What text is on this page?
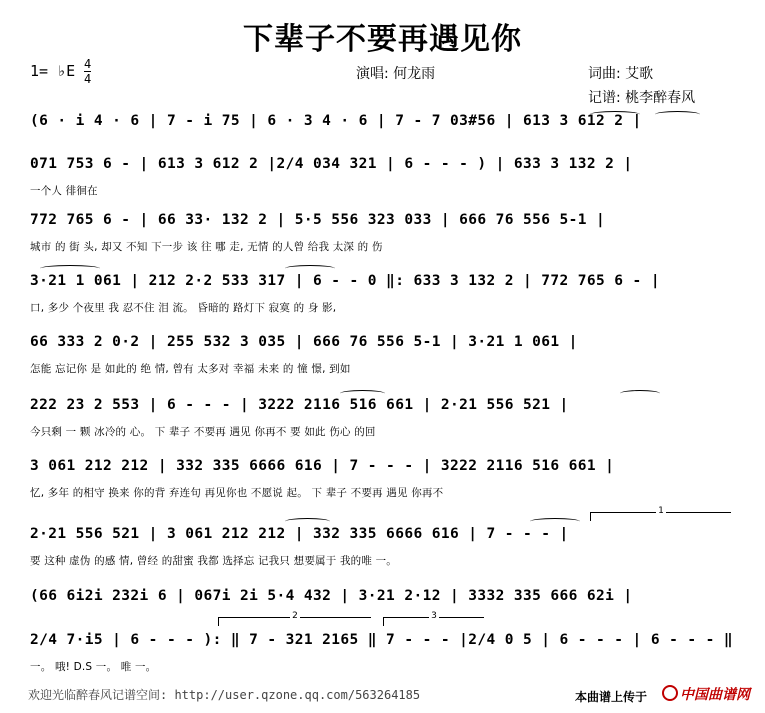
下辈子不要再遇见你
1= ♭E 4
4	演唱: 何龙雨	词曲: 艾歌
记谱: 桃李醉春风
(6 · i 4 · 6 | 7 - i 75 | 6 · 3 4 · 6 | 7 - 7 03#56 | 613 3 612 2 |
071 753 6 - | 613 3 612 2 |2/4 034 321 | 6 - - - ) | 633 3 132 2 |
一个人 徘徊在
772 765 6 - | 66 33· 132 2 | 5·5 556 323 033 | 666 76 556 5-1 |
城市 的 街 头, 却又 不知 下一步 该 往 哪 走, 无情 的人曾 给我 太深 的 伤
3·21 1 061 | 212 2·2 533 317 | 6 - - 0 ‖: 633 3 132 2 | 772 765 6 - |
口, 多少 个夜里 我 忍不住 泪 流。 昏暗的 路灯下 寂寞 的 身 影,
66 333 2 0·2 | 255 532 3 035 | 666 76 556 5-1 | 3·21 1 061 |
怎能 忘记你 是 如此的 绝 情, 曾有 太多对 幸福 未来 的 憧 憬, 到如
222 23 2 553 | 6 - - - | 3222 2116 516 661 | 2·21 556 521 |
今只剩 一 颗 冰冷的 心。 下 辈子 不要再 遇见 你再不 要 如此 伤心 的回
3 061 212 212 | 332 335 6666 616 | 7 - - - | 3222 2116 516 661 |
忆, 多年 的相守 换来 你的背 弃连句 再见你也 不愿说 起。 下 辈子 不要再 遇见 你再不
2·21 556 521 | 3 061 212 212 | 332 335 6666 616 | 7 - - - |
要 这种 虚伪 的感 情, 曾经 的甜蜜 我都 选择忘 记我只 想要属于 我的唯 一。
(66 6i2i 232i 6 | 067i 2i 5·4 432 | 3·21 2·12 | 3332 335 666 62i |
2/4 7·i5 | 6 - - - ): ‖ 7 - 321 2165 ‖ 7 - - - |2/4 0 5 | 6 - - - | 6 - - - ‖
一。 哦! D.S 一。 唯 一。
1
2	3
欢迎光临醉春风记谱空间: http://user.qzone.qq.com/563264185	本曲谱上传于	中国曲谱网
